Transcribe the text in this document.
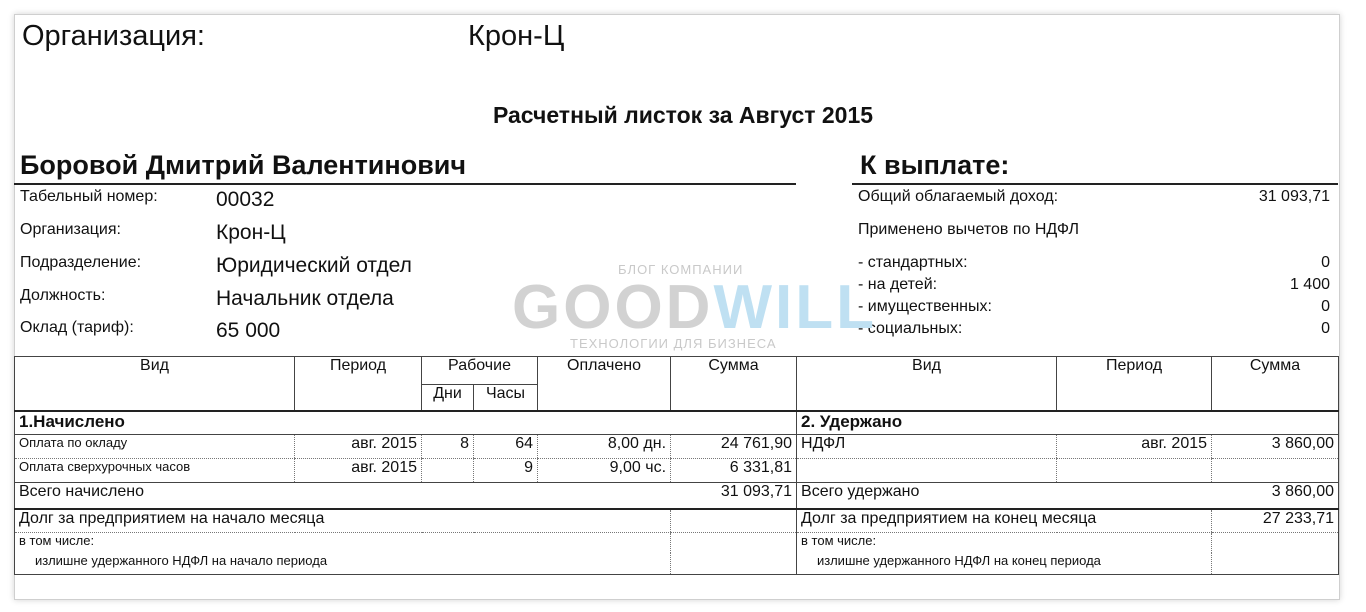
Организация:	Крон-Ц
Расчетный листок за Август 2015
Боровой Дмитрий Валентинович	К выплате:
Табельный номер:	00032
Организация:	Крон-Ц
Подразделение:	Юридический отдел
Должность:	Начальник отдела
Оклад (тариф):	65 000
Общий облагаемый доход:	31 093,71
Применено вычетов по НДФЛ
- стандартных:	0
- на детей:	1 400
- имущественных:	0
- социальных:	0
БЛОГ КОМПАНИИ
GOODWILL
ТЕХНОЛОГИИ ДЛЯ БИЗНЕСА
Вид	Период	Рабочие		Оплачено	Сумма	Вид	Период	Сумма
		Дни	Часы					
1.Начислено						2. Удержано		
Оплата по окладу	авг. 2015	8	64	8,00 дн.	24 761,90	НДФЛ	авг. 2015	3 860,00
Оплата сверхурочных часов	авг. 2015		9	9,00 чс.	6 331,81			
Всего начислено					31 093,71	Всего удержано		3 860,00
Долг за предприятием на начало месяца						Долг за предприятием на конец месяца		27 233,71
в том числе:						в том числе:		
излишне удержанного НДФЛ на начало периода						излишне удержанного НДФЛ на конец периода		
